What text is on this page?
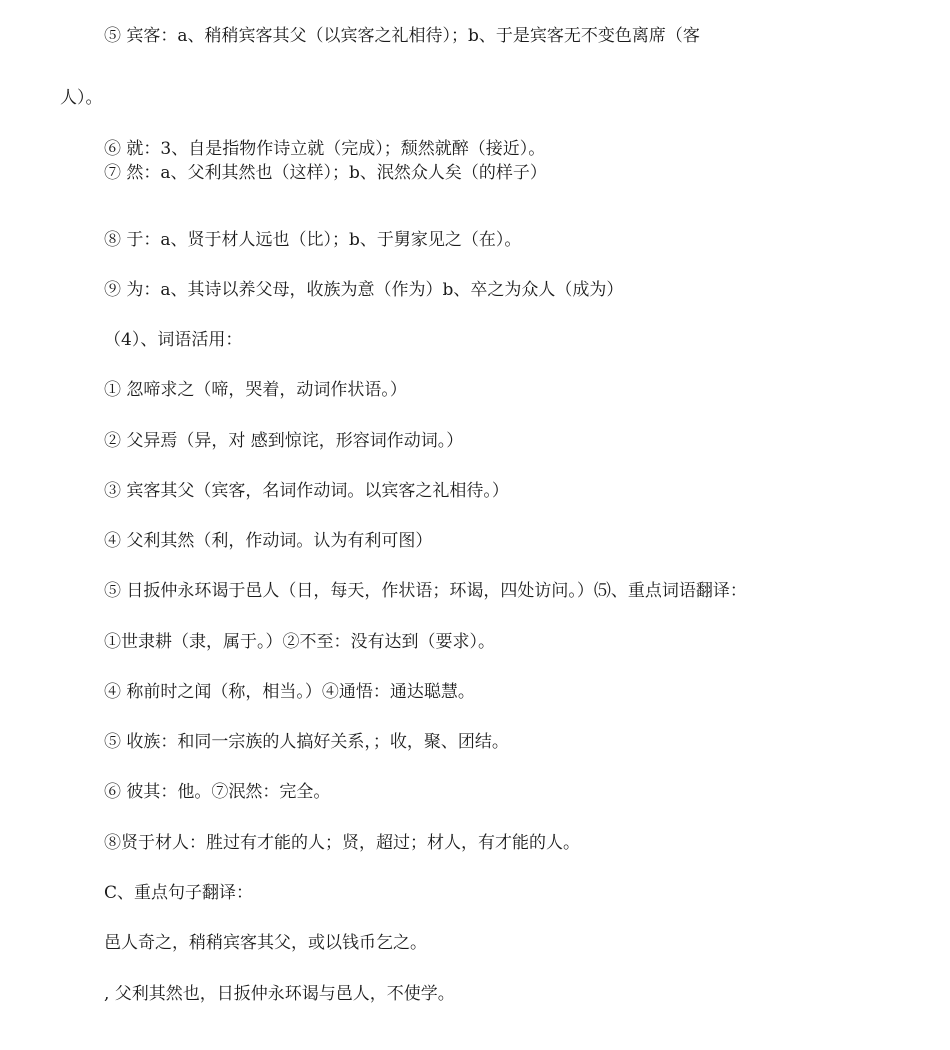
⑤ 宾客：a、稍稍宾客其父（以宾客之礼相待）；b、于是宾客无不变色离席（客
人）。
⑥ 就：3、自是指物作诗立就（完成）；颓然就醉（接近）。
⑦ 然：a、父利其然也（这样）；b、泯然众人矣（的样子）
⑧ 于：a、贤于材人远也（比）；b、于舅家见之（在）。
⑨ 为：a、其诗以养父母，收族为意（作为）b、卒之为众人（成为）
（4）、词语活用：
① 忽啼求之（啼，哭着，动词作状语。）
② 父异焉（异，对 感到惊诧，形容词作动词。）
③ 宾客其父（宾客，名词作动词。以宾客之礼相待。）
④ 父利其然（利，作动词。认为有利可图）
⑤ 日扳仲永环谒于邑人（日，每天，作状语；环谒，四处访问。）⑸、重点词语翻译：
①世隶耕（隶，属于。）②不至：没有达到（要求）。
④ 称前时之闻（称，相当。）④通悟：通达聪慧。
⑤ 收族：和同一宗族的人搞好关系，；收，聚、团结。
⑥ 彼其：他。⑦泯然：完全。
⑧贤于材人：胜过有才能的人；贤，超过；材人，有才能的人。
C、重点句子翻译：
邑人奇之，稍稍宾客其父，或以钱币乞之。
, 父利其然也，日扳仲永环谒与邑人，不使学。
